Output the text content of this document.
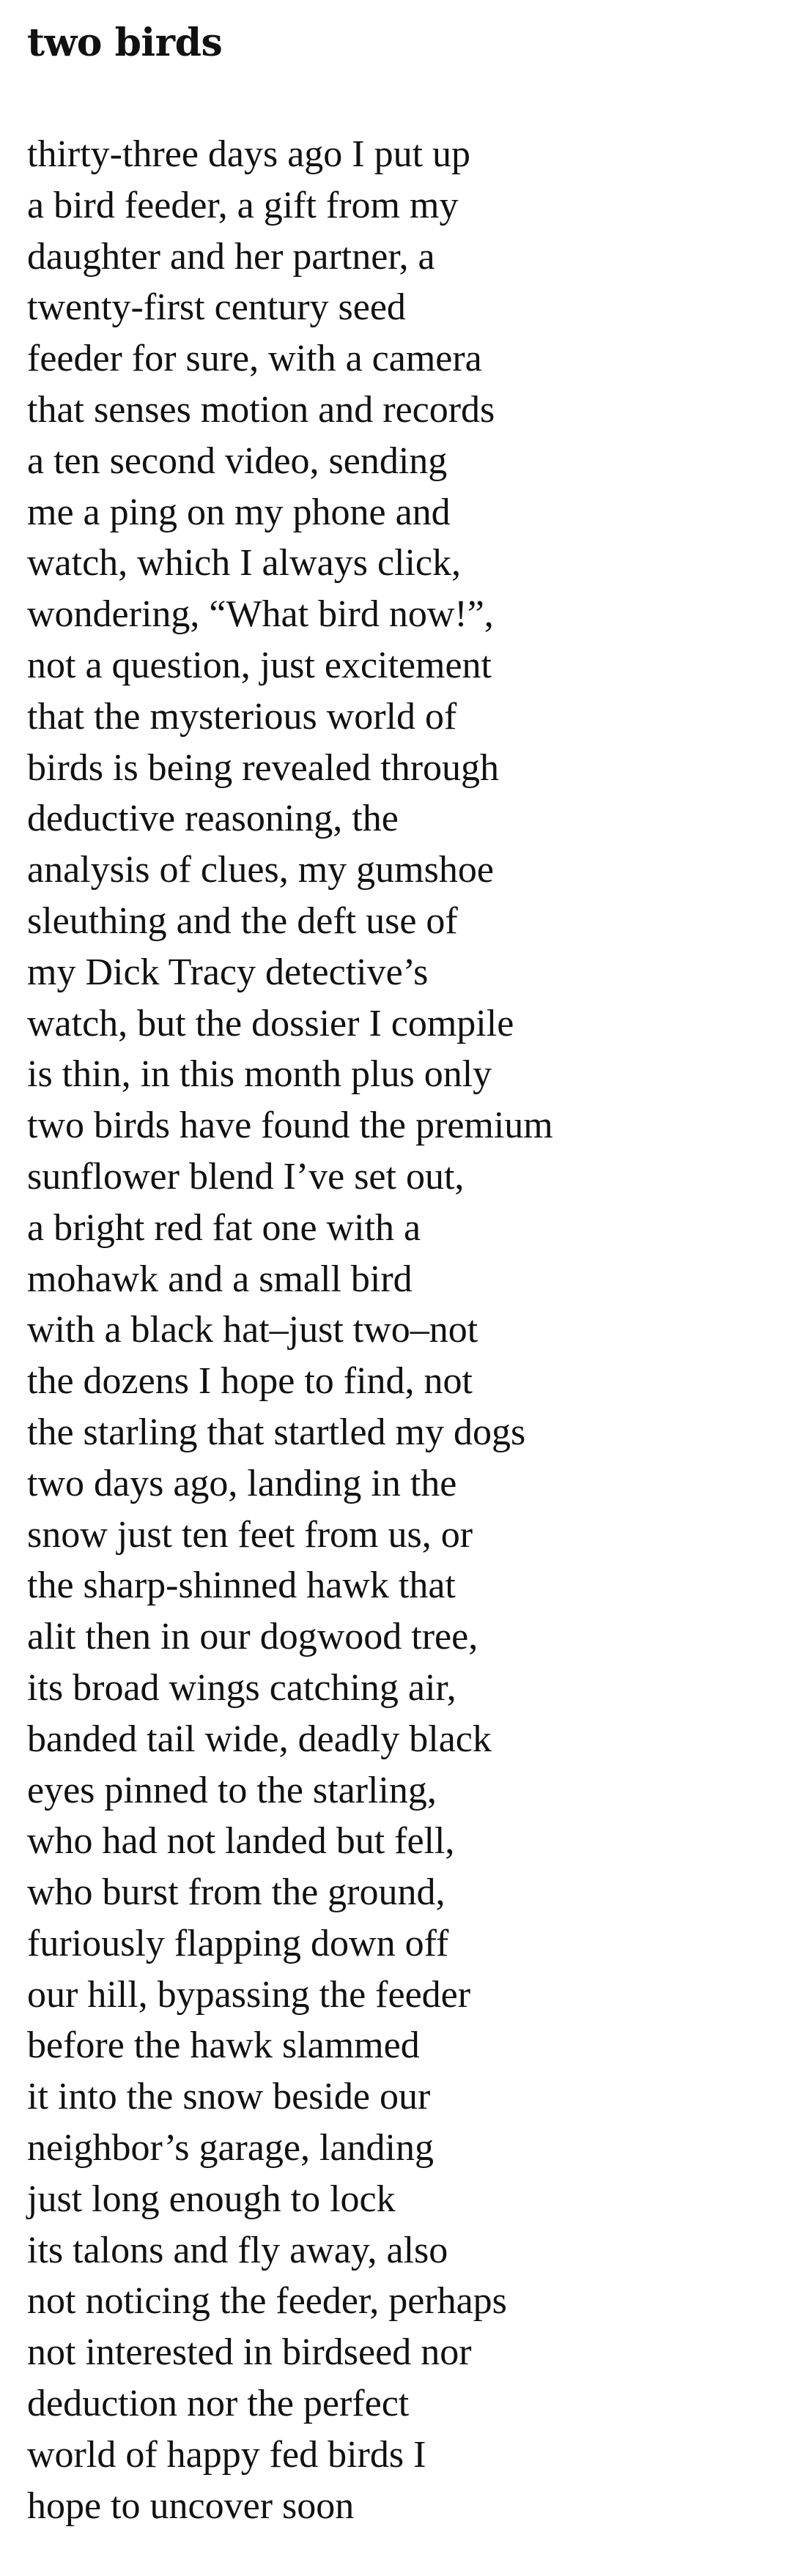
two birds

thirty-three days ago I put up

a bird feeder, a gift from my

daughter and her partner, a

twenty-first century seed

feeder for sure, with a camera

that senses motion and records

a ten second video, sending

me a ping on my phone and

watch, which I always click,

wondering, “What bird now!”,

not a question, just excitement

that the mysterious world of

birds is being revealed through

deductive reasoning, the

analysis of clues, my gumshoe

sleuthing and the deft use of

my Dick Tracy detective’s

watch, but the dossier I compile

is thin, in this month plus only

two birds have found the premium

sunflower blend I’ve set out,

a bright red fat one with a

mohawk and a small bird

with a black hat–just two–not

the dozens I hope to find, not

the starling that startled my dogs

two days ago, landing in the

snow just ten feet from us, or

the sharp-shinned hawk that

alit then in our dogwood tree,

its broad wings catching air,

banded tail wide, deadly black

eyes pinned to the starling,

who had not landed but fell,

who burst from the ground,

furiously flapping down off

our hill, bypassing the feeder

before the hawk slammed

it into the snow beside our

neighbor’s garage, landing

just long enough to lock

its talons and fly away, also

not noticing the feeder, perhaps

not interested in birdseed nor

deduction nor the perfect

world of happy fed birds I

hope to uncover soon
